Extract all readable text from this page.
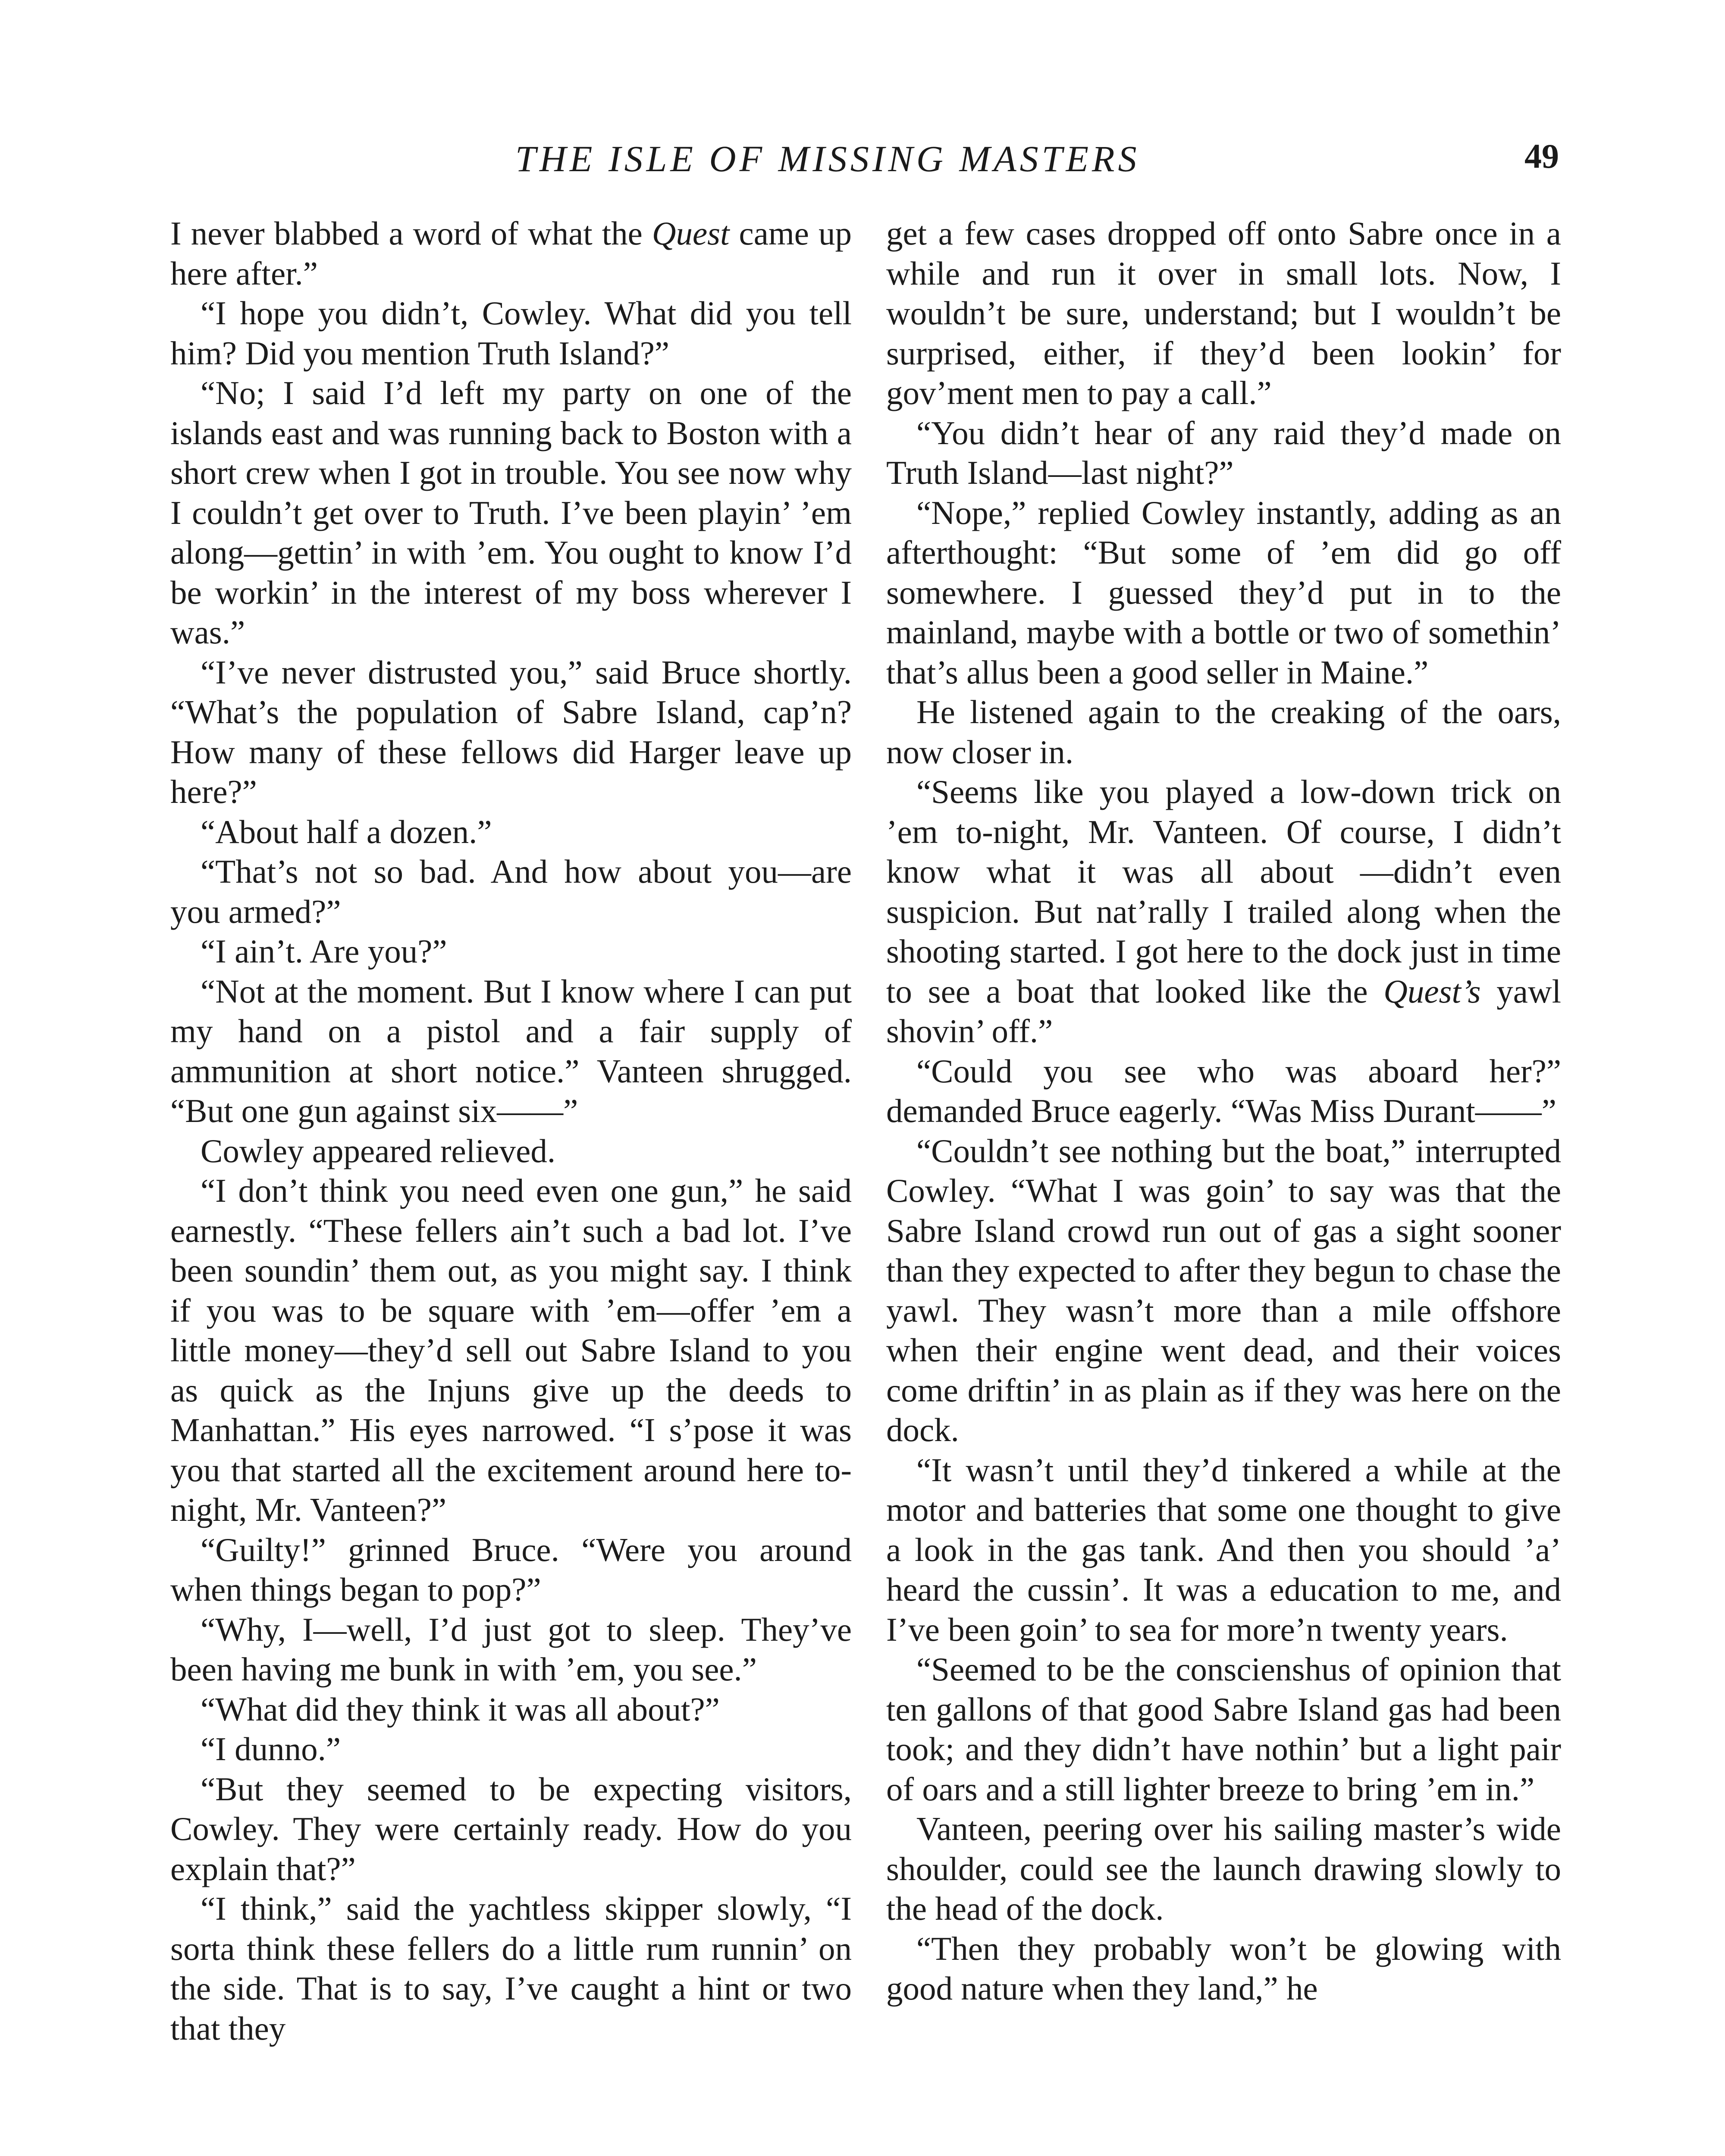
THE ISLE OF MISSING MASTERS	49

I never blabbed a word of what the Quest came up here after.”

“I hope you didn’t, Cowley. What did you tell him? Did you mention Truth Island?”

“No; I said I’d left my party on one of the islands east and was running back to Boston with a short crew when I got in trouble. You see now why I couldn’t get over to Truth. I’ve been playin’ ’em along—gettin’ in with ’em. You ought to know I’d be workin’ in the interest of my boss wherever I was.”

“I’ve never distrusted you,” said Bruce shortly. “What’s the population of Sabre Island, cap’n? How many of these fellows did Harger leave up here?”

“About half a dozen.”

“That’s not so bad. And how about you—are you armed?”

“I ain’t. Are you?”

“Not at the moment. But I know where I can put my hand on a pistol and a fair supply of ammunition at short notice.” Vanteen shrugged. “But one gun against six——”

Cowley appeared relieved.

“I don’t think you need even one gun,” he said earnestly. “These fellers ain’t such a bad lot. I’ve been soundin’ them out, as you might say. I think if you was to be square with ’em—offer ’em a little money—they’d sell out Sabre Island to you as quick as the Injuns give up the deeds to Manhattan.” His eyes narrowed. “I s’pose it was you that started all the excitement around here to-night, Mr. Vanteen?”

“Guilty!” grinned Bruce. “Were you around when things began to pop?”

“Why, I—well, I’d just got to sleep. They’ve been having me bunk in with ’em, you see.”

“What did they think it was all about?”

“I dunno.”

“But they seemed to be expecting visitors, Cowley. They were certainly ready. How do you explain that?”

“I think,” said the yachtless skipper slowly, “I sorta think these fellers do a little rum runnin’ on the side. That is to say, I’ve caught a hint or two that they

get a few cases dropped off onto Sabre once in a while and run it over in small lots. Now, I wouldn’t be sure, understand; but I wouldn’t be surprised, either, if they’d been lookin’ for gov’ment men to pay a call.”

“You didn’t hear of any raid they’d made on Truth Island—last night?”

“Nope,” replied Cowley instantly, adding as an afterthought: “But some of ’em did go off somewhere. I guessed they’d put in to the mainland, maybe with a bottle or two of somethin’ that’s allus been a good seller in Maine.”

He listened again to the creaking of the oars, now closer in.

“Seems like you played a low-down trick on ’em to-night, Mr. Vanteen. Of course, I didn’t know what it was all about —didn’t even suspicion. But nat’rally I trailed along when the shooting started. I got here to the dock just in time to see a boat that looked like the Quest’s yawl shovin’ off.”

“Could you see who was aboard her?” demanded Bruce eagerly. “Was Miss Durant——”

“Couldn’t see nothing but the boat,” interrupted Cowley. “What I was goin’ to say was that the Sabre Island crowd run out of gas a sight sooner than they expected to after they begun to chase the yawl. They wasn’t more than a mile offshore when their engine went dead, and their voices come driftin’ in as plain as if they was here on the dock.

“It wasn’t until they’d tinkered a while at the motor and batteries that some one thought to give a look in the gas tank. And then you should ’a’ heard the cussin’. It was a education to me, and I’ve been goin’ to sea for more’n twenty years.

“Seemed to be the conscienshus of opinion that ten gallons of that good Sabre Island gas had been took; and they didn’t have nothin’ but a light pair of oars and a still lighter breeze to bring ’em in.”

Vanteen, peering over his sailing master’s wide shoulder, could see the launch drawing slowly to the head of the dock.

“Then they probably won’t be glowing with good nature when they land,” he
